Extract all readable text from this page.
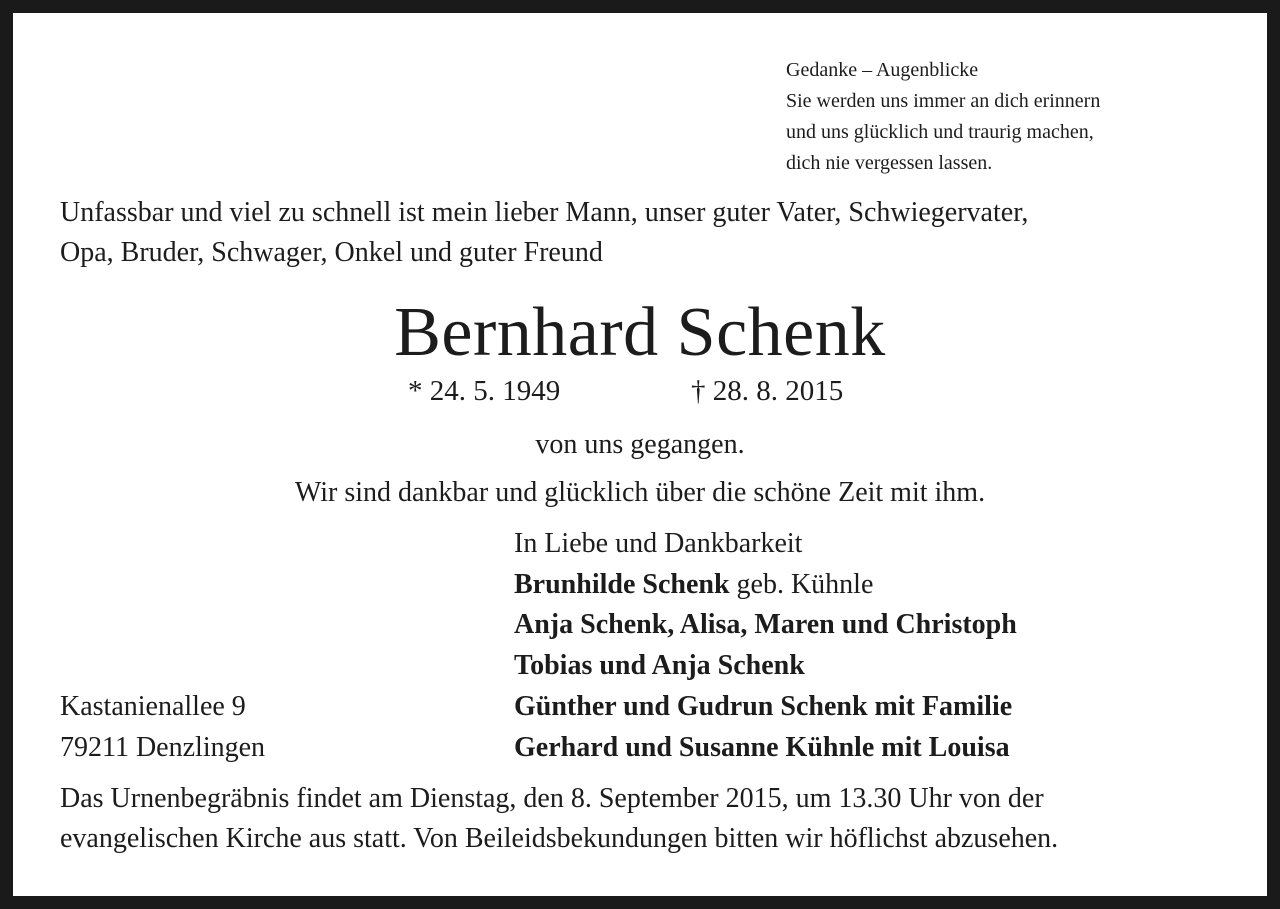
Gedanke – Augenblicke
Sie werden uns immer an dich erinnern
und uns glücklich und traurig machen,
dich nie vergessen lassen.
Unfassbar und viel zu schnell ist mein lieber Mann, unser guter Vater, Schwiegervater,
Opa, Bruder, Schwager, Onkel und guter Freund
Bernhard Schenk
* 24. 5. 1949	† 28. 8. 2015
von uns gegangen.
Wir sind dankbar und glücklich über die schöne Zeit mit ihm.
In Liebe und Dankbarkeit
Brunhilde Schenk geb. Kühnle
Anja Schenk, Alisa, Maren und Christoph
Tobias und Anja Schenk
Günther und Gudrun Schenk mit Familie
Gerhard und Susanne Kühnle mit Louisa
Kastanienallee 9
79211 Denzlingen
Das Urnenbegräbnis findet am Dienstag, den 8. September 2015, um 13.30 Uhr von der
evangelischen Kirche aus statt. Von Beileidsbekundungen bitten wir höflichst abzusehen.
